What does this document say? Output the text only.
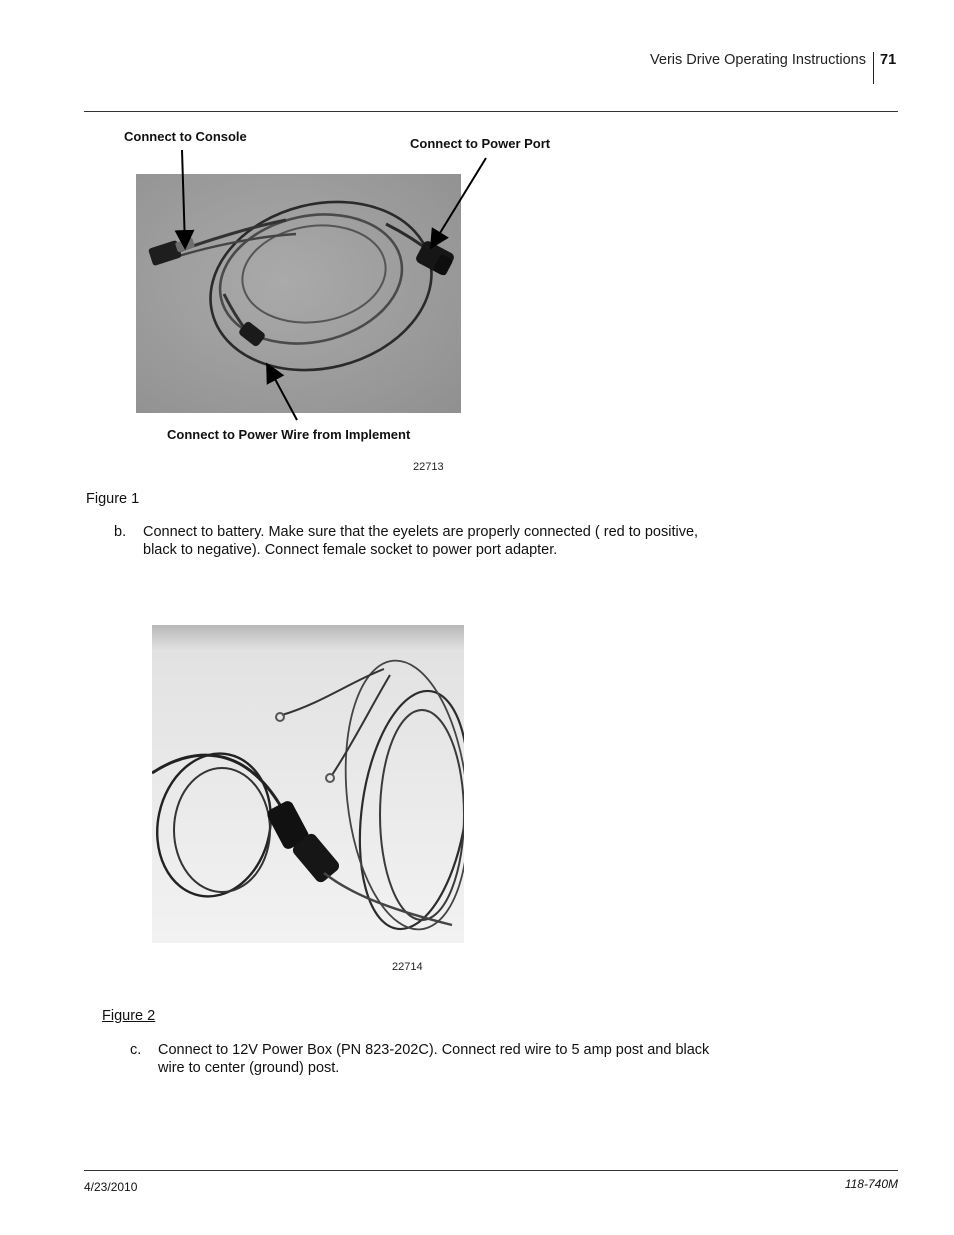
Veris Drive Operating Instructions 71
Connect to Console	Connect to Power Port
Connect to Power Wire from Implement
22713
Figure 1
b. Connect to battery. Make sure that the eyelets are properly connected ( red to positive,
black to negative). Connect female socket to power port adapter.
22714
Figure 2
c. Connect to 12V Power Box (PN 823-202C). Connect red wire to 5 amp post and black
wire to center (ground) post.
4/23/2010	118-740M
